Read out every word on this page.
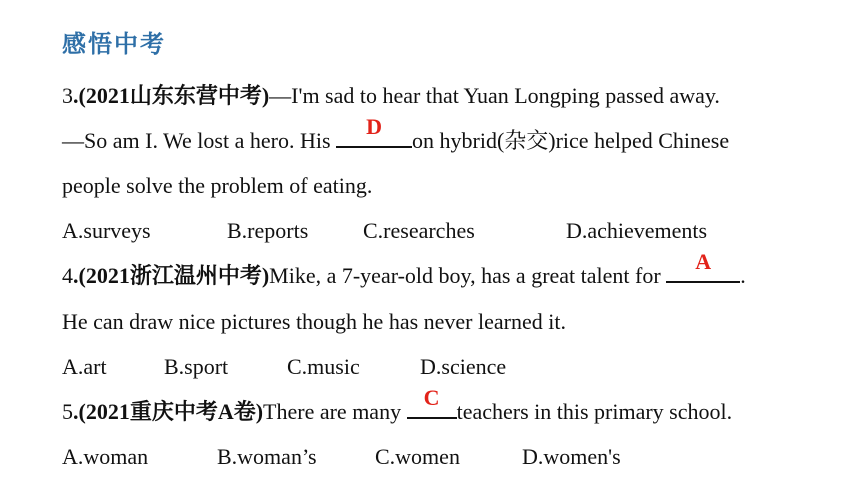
感悟中考
3.(2021山东东营中考)—I'm sad to hear that Yuan Longping passed away.
—So am I. We lost a hero. His
D
on hybrid(杂交)rice helped Chinese
people solve the problem of eating.
A.surveys	B.reports C.researches	D.achievements
4.(2021浙江温州中考)Mike, a 7-year-old boy, has a great talent for
A
.
He can draw nice pictures though he has never learned it.
A.art	B.sport	C.music	D.science
5.(2021重庆中考A卷)There are many
C
teachers in this primary school.
A.woman	B.woman’s	C.women	D.women's
